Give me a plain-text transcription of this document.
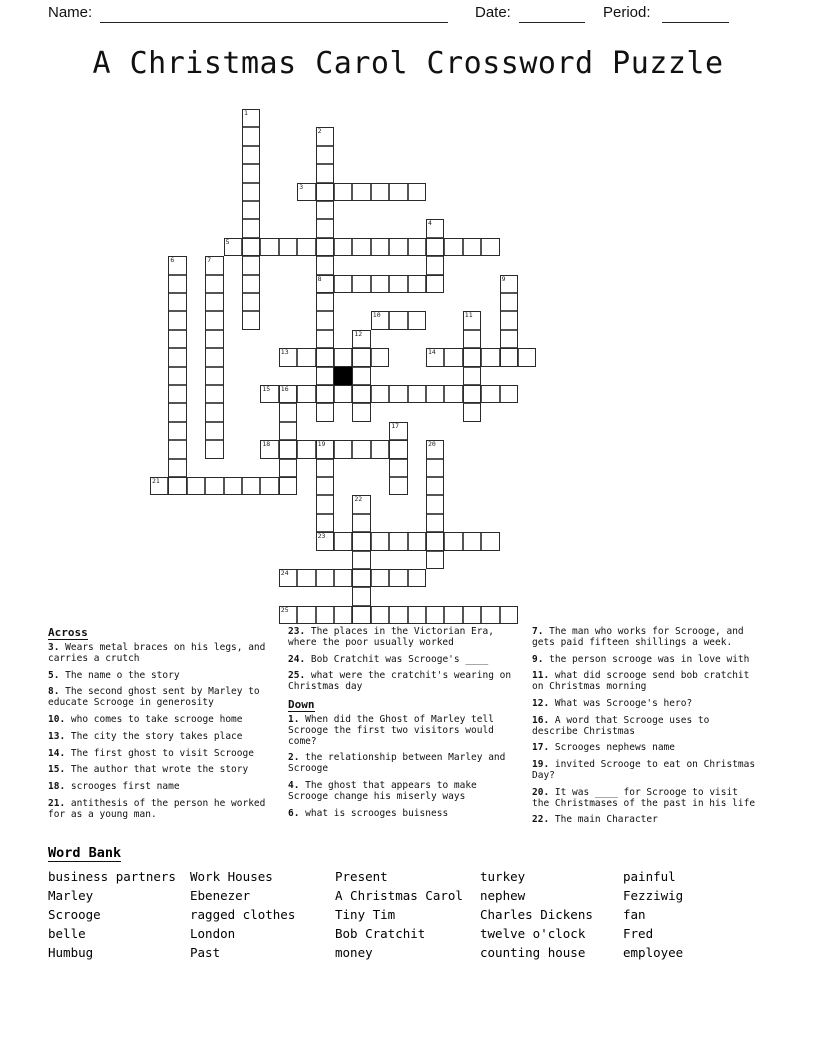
Name:	Date:	Period:
A Christmas Carol Crossword Puzzle
1
2
8
3
4
5
6	7
9
10	11
12
13	14
15 16
17
18	19
23
20
21
22
24
25
Across
3. Wears metal braces on his legs, and carries a crutch
5. The name o the story
8. The second ghost sent by Marley to educate Scrooge in generosity
10. who comes to take scrooge home
13. The city the story takes place
14. The first ghost to visit Scrooge
15. The author that wrote the story
18. scrooges first name
21. antithesis of the person he worked for as a young man.
23. The places in the Victorian Era, where the poor usually worked
24. Bob Cratchit was Scrooge's ____
25. what were the cratchit's wearing on Christmas day
Down
1. When did the Ghost of Marley tell Scrooge the first two visitors would come?
2. the relationship between Marley and Scrooge
4. The ghost that appears to make Scrooge change his miserly ways
6. what is scrooges buisness
7. The man who works for Scrooge, and gets paid fifteen shillings a week.
9. the person scrooge was in love with
11. what did scrooge send bob cratchit on Christmas morning
12. What was Scrooge's hero?
16. A word that Scrooge uses to describe Christmas
17. Scrooges nephews name
19. invited Scrooge to eat on Christmas Day?
20. It was ____ for Scrooge to visit the Christmases of the past in his life
22. The main Character
Word Bank
business partners
Marley
Scrooge
belle
Humbug
Work Houses
Ebenezer
ragged clothes
London
Past
Present
A Christmas Carol
Tiny Tim
Bob Cratchit
money
turkey
nephew
Charles Dickens
twelve o'clock
counting house
painful
Fezziwig
fan
Fred
employee
